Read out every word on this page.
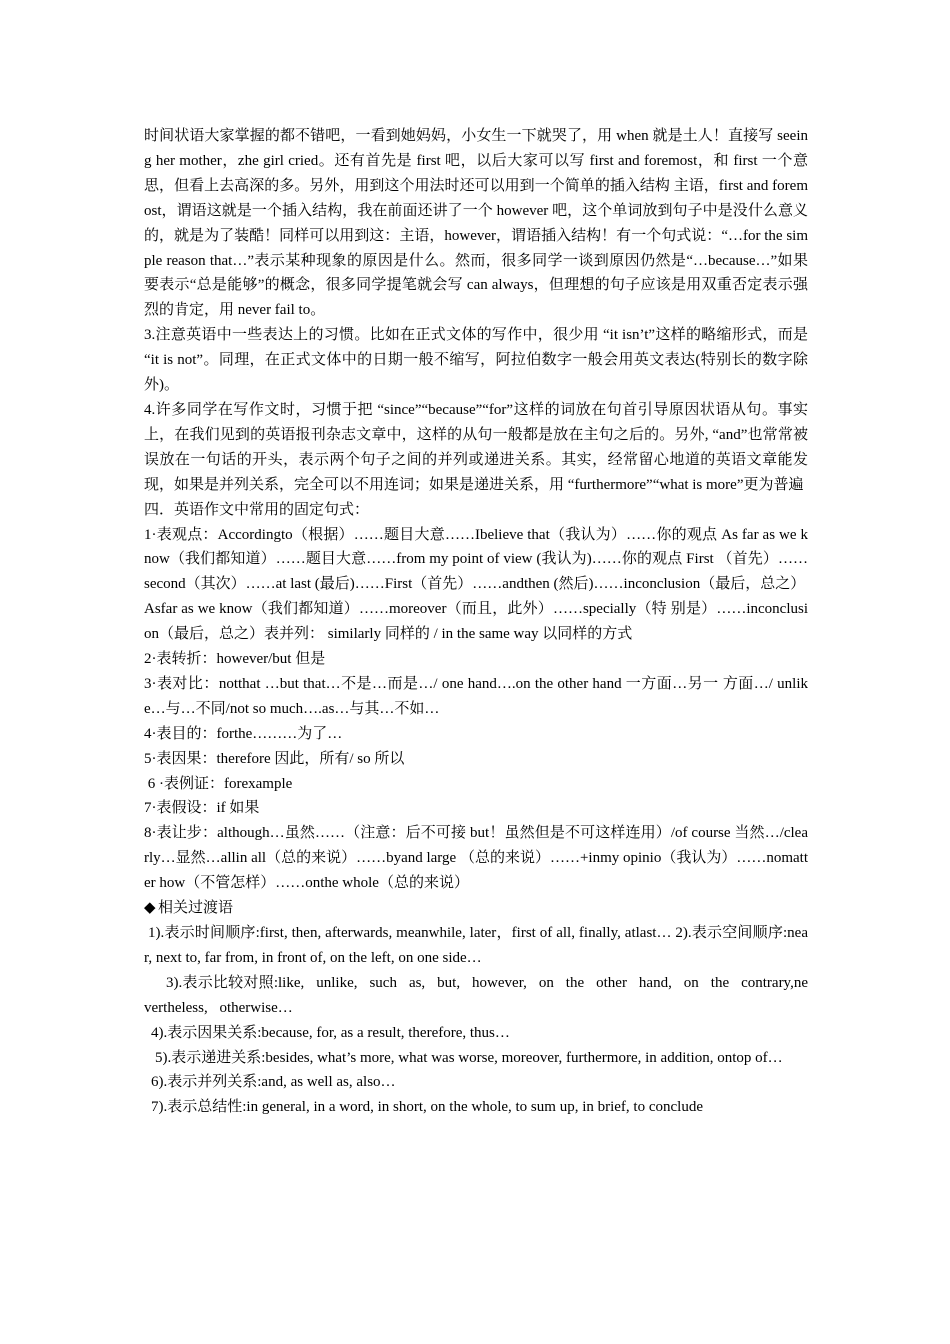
时间状语大家掌握的都不错吧，一看到她妈妈，小女生一下就哭了，用 when 就是土人！直接写 seeing her mother，zhe girl cried。还有首先是 first 吧，以后大家可以写 first and foremost，和 first 一个意思，但看上去高深的多。另外，用到这个用法时还可以用到一个简单的插入结构 主语，first and foremost，谓语这就是一个插入结构，我在前面还讲了一个 however 吧，这个单词放到句子中是没什么意义的，就是为了装酷！同样可以用到这：主语，however，谓语插入结构！有一个句式说：“…for the simple reason that…”表示某种现象的原因是什么。然而，很多同学一谈到原因仍然是“…because…”如果要表示“总是能够”的概念，很多同学提笔就会写 can always，但理想的句子应该是用双重否定表示强烈的肯定，用 never fail to。

3.注意英语中一些表达上的习惯。比如在正式文体的写作中，很少用 “it isn’t”这样的略缩形式，而是 “it is not”。同理，在正式文体中的日期一般不缩写，阿拉伯数字一般会用英文表达(特别长的数字除外)。

4.许多同学在写作文时，习惯于把 “since”“because”“for”这样的词放在句首引导原因状语从句。事实上，在我们见到的英语报刊杂志文章中，这样的从句一般都是放在主句之后的。另外, “and”也常常被误放在一句话的开头，表示两个句子之间的并列或递进关系。其实，经常留心地道的英语文章能发现，如果是并列关系，完全可以不用连词；如果是递进关系，用 “furthermore”“what is more”更为普遍

四．英语作文中常用的固定句式：

1·表观点：Accordingto（根据）……题目大意……Ibelieve that（我认为）……你的观点 As far as we know（我们都知道）……题目大意……from my point of view (我认为)……你的观点 First （首先）……second（其次）……at last (最后)……First（首先）……andthen (然后)……inconclusion（最后，总之）

Asfar as we know（我们都知道）……moreover（而且，此外）……specially（特 别是）……inconclusion（最后，总之）表并列： similarly 同样的 / in the same way 以同样的方式

2·表转折：however/but 但是

3·表对比：notthat …but that…不是…而是…/ one hand….on the other hand 一方面…另一 方面…/ unlike…与…不同/not so much….as…与其…不如…

4·表目的：forthe………为了…

5·表因果：therefore 因此，所有/ so 所以

6 ·表例证：forexample

7·表假设：if 如果

8·表让步：although…虽然……（注意：后不可接 but！虽然但是不可这样连用）/of course 当然…/clearly…显然…allin all（总的来说）……byand large （总的来说）……+inmy opinio（我认为）……nomatter how（不管怎样）……onthe whole（总的来说）

◆ 相关过渡语

1).表示时间顺序:first, then, afterwards, meanwhile, later，first of all, finally, atlast… 2).表示空间顺序:near, next to, far from, in front of, on the left, on one side…

3).表示比较对照:like, unlike, such as, but, however, on the other hand, on the contrary,nevertheless, otherwise…

4).表示因果关系:because, for, as a result, therefore, thus…

5).表示递进关系:besides, what’s more, what was worse, moreover, furthermore, in addition, ontop of…

6).表示并列关系:and, as well as, also…

7).表示总结性:in general, in a word, in short, on the whole, to sum up, in brief, to conclude
